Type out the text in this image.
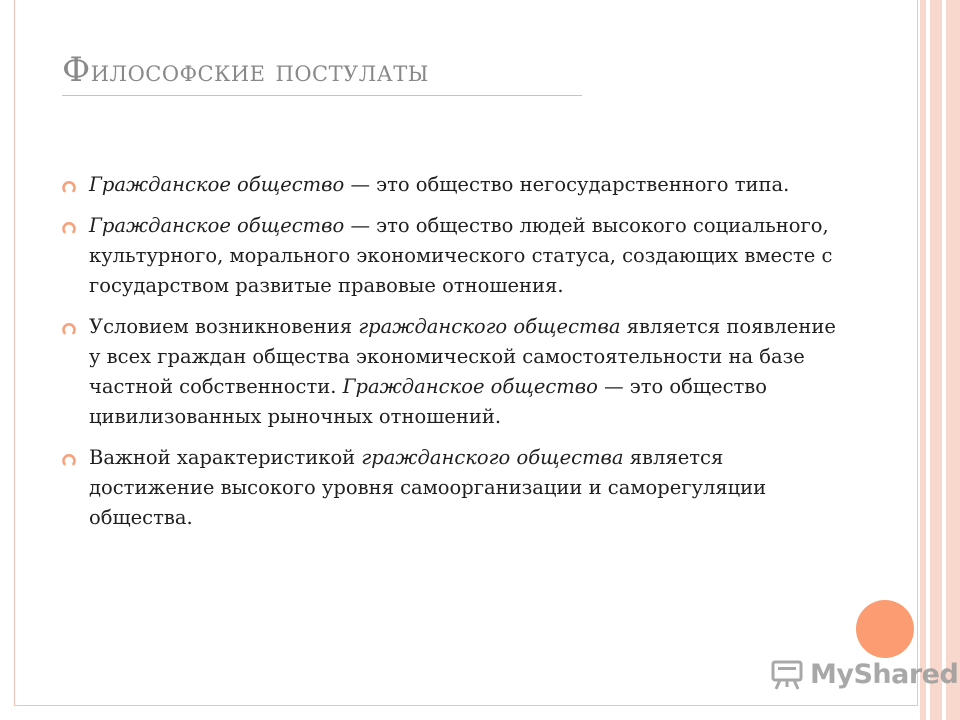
Философские постулаты
Гражданское общество — это общество негосударственного типа.
Гражданское общество — это общество людей высокого социального, культурного, морального экономического статуса, создающих вместе с государством развитые правовые отношения.
Условием возникновения гражданского общества является появление у всех граждан общества экономической самостоятельности на базе частной собственности. Гражданское общество — это общество цивилизованных рыночных отношений.
Важной характеристикой гражданского общества является достижение высокого уровня самоорганизации и саморегуляции общества.
MyShared
